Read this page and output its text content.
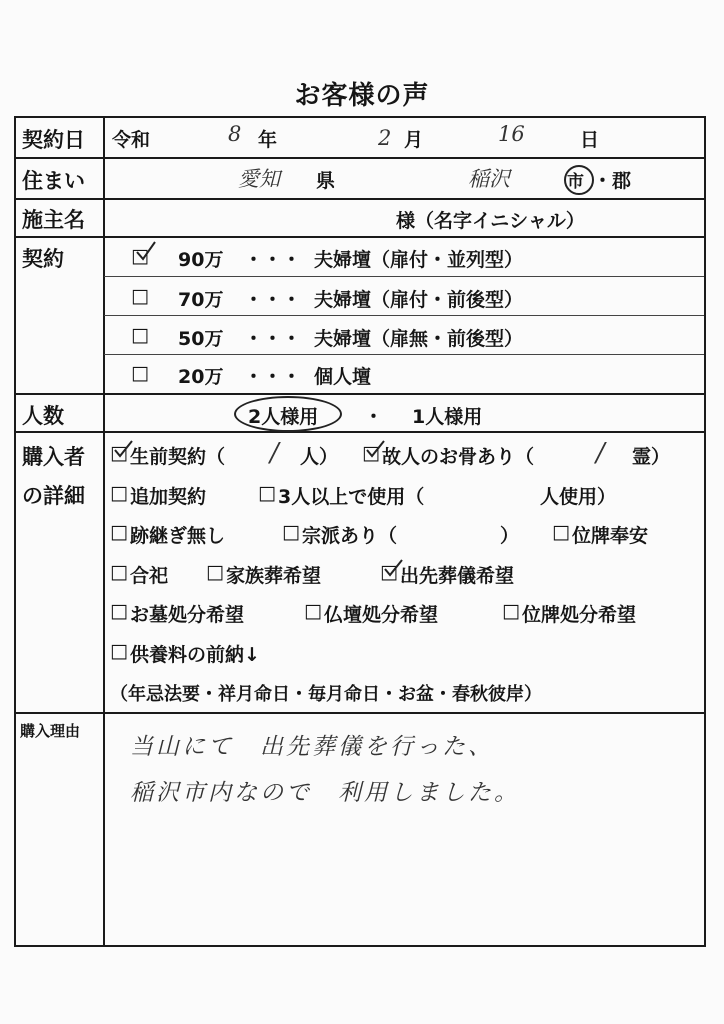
お客様の声
契約日 令和	8 年	2 月	16	日
住まい	愛知 県	稲沢	市 ・郡
施主名	様（名字イニシャル）
契約	□ 90万 ・・・ 夫婦壇（扉付・並列型）
□ 70万 ・・・ 夫婦壇（扉付・前後型）
□ 50万 ・・・ 夫婦壇（扉無・前後型）
□ 20万 ・・・ 個人壇
人数	2人様用 ・ 1人様用
購入者
の詳細
□ 生前契約（ / 人） □ 故人のお骨あり（ / 霊）
□ 追加契約	□ 3人以上で使用（	人使用）
□ 跡継ぎ無し	□ 宗派あり（	） □ 位牌奉安
□ 合祀 □ 家族葬希望	□ 出先葬儀希望
□ お墓処分希望	□ 仏壇処分希望	□ 位牌処分希望
□ 供養料の前納↓
（年忌法要・祥月命日・毎月命日・お盆・春秋彼岸）
購入理由
当山にて　出先葬儀を行った、
稲沢市内なので　利用しました。
